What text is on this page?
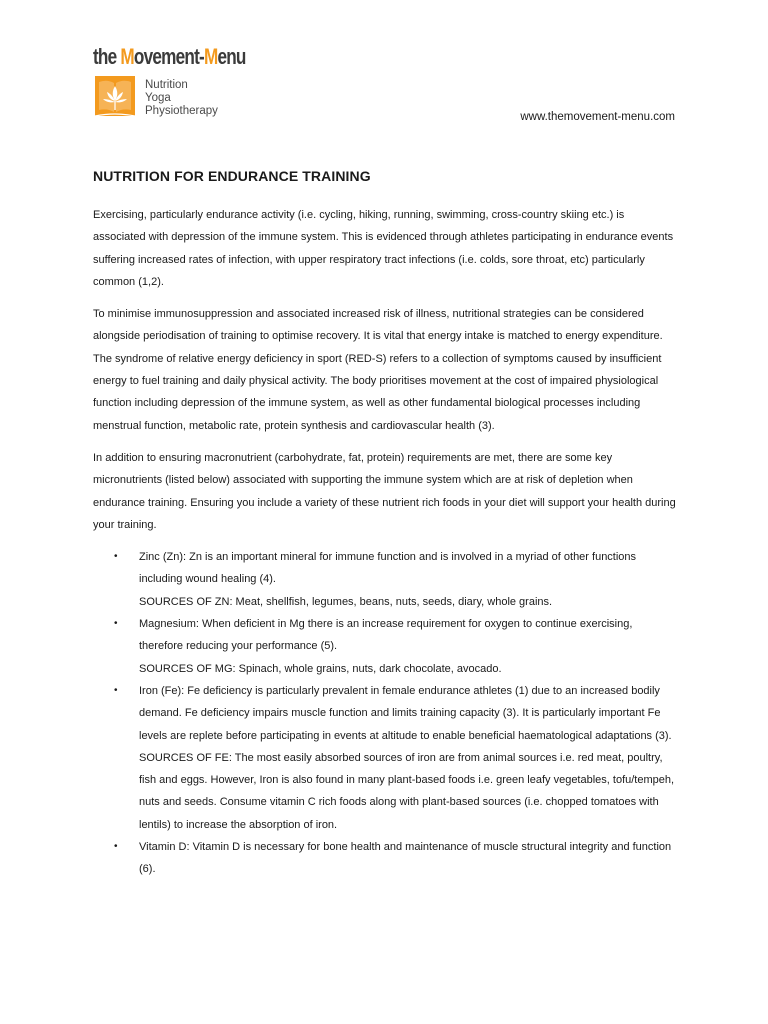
the Movement-Menu
Nutrition
Yoga
Physiotherapy	www.themovement-menu.com
NUTRITION FOR ENDURANCE TRAINING

Exercising, particularly endurance activity (i.e. cycling, hiking, running, swimming, cross-country skiing etc.) is associated with depression of the immune system. This is evidenced through athletes participating in endurance events suffering increased rates of infection, with upper respiratory tract infections (i.e. colds, sore throat, etc) particularly common (1,2).

To minimise immunosuppression and associated increased risk of illness, nutritional strategies can be considered alongside periodisation of training to optimise recovery. It is vital that energy intake is matched to energy expenditure. The syndrome of relative energy deficiency in sport (RED-S) refers to a collection of symptoms caused by insufficient energy to fuel training and daily physical activity. The body prioritises movement at the cost of impaired physiological function including depression of the immune system, as well as other fundamental biological processes including menstrual function, metabolic rate, protein synthesis and cardiovascular health (3).

In addition to ensuring macronutrient (carbohydrate, fat, protein) requirements are met, there are some key micronutrients (listed below) associated with supporting the immune system which are at risk of depletion when endurance training. Ensuring you include a variety of these nutrient rich foods in your diet will support your health during your training.

• Zinc (Zn): Zn is an important mineral for immune function and is involved in a myriad of other functions including wound healing (4).
SOURCES OF ZN: Meat, shellfish, legumes, beans, nuts, seeds, diary, whole grains.
• Magnesium: When deficient in Mg there is an increase requirement for oxygen to continue exercising, therefore reducing your performance (5).
SOURCES OF MG: Spinach, whole grains, nuts, dark chocolate, avocado.
• Iron (Fe): Fe deficiency is particularly prevalent in female endurance athletes (1) due to an increased bodily demand. Fe deficiency impairs muscle function and limits training capacity (3). It is particularly important Fe levels are replete before participating in events at altitude to enable beneficial haematological adaptations (3).
SOURCES OF FE: The most easily absorbed sources of iron are from animal sources i.e. red meat, poultry, fish and eggs. However, Iron is also found in many plant-based foods i.e. green leafy vegetables, tofu/tempeh, nuts and seeds. Consume vitamin C rich foods along with plant-based sources (i.e. chopped tomatoes with lentils) to increase the absorption of iron.
• Vitamin D: Vitamin D is necessary for bone health and maintenance of muscle structural integrity and function (6).
